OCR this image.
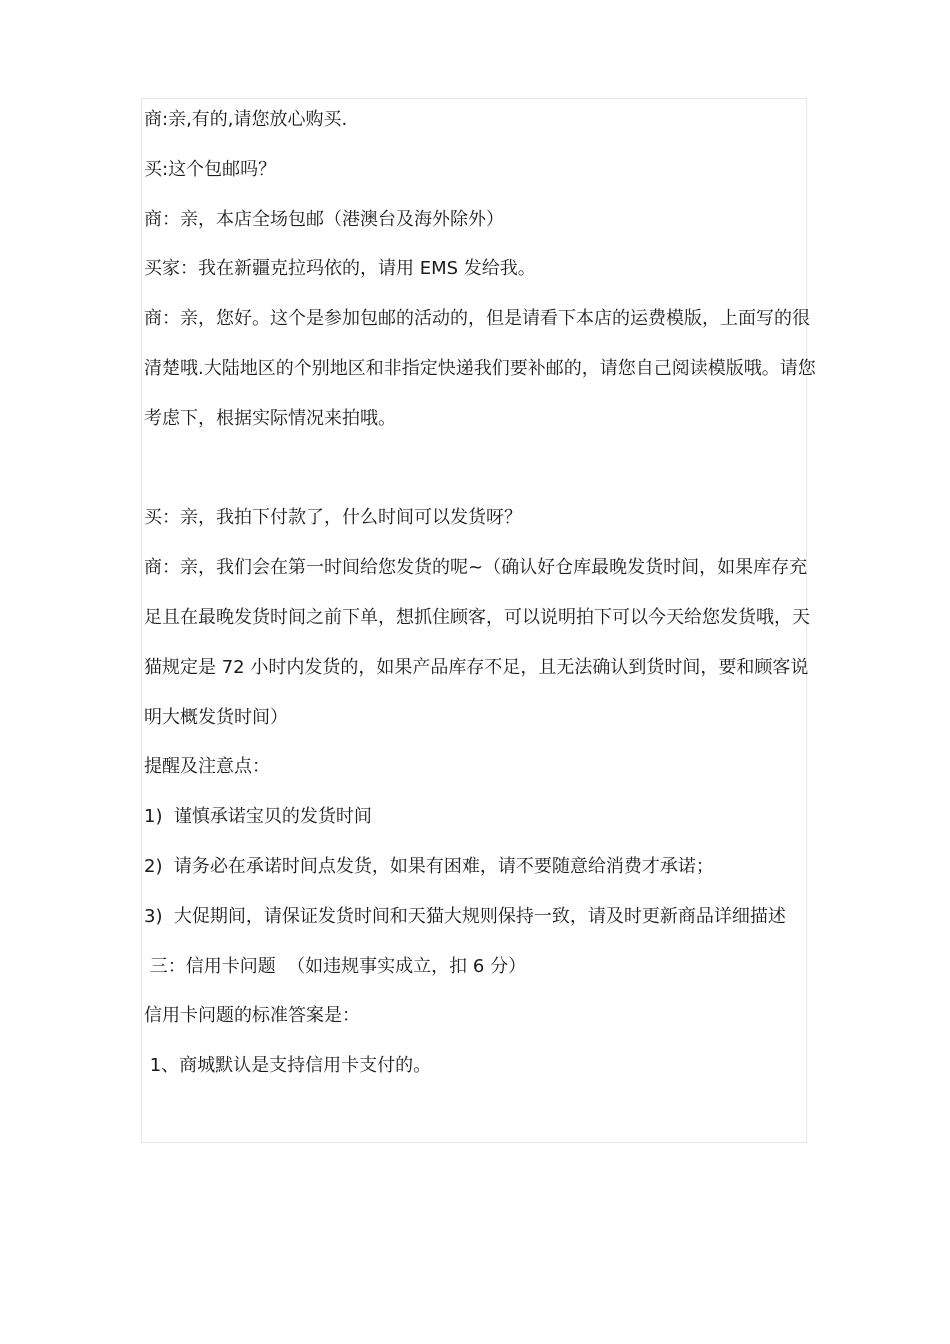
商:亲,有的,请您放心购买.

买:这个包邮吗？

商：亲，本店全场包邮（港澳台及海外除外）

买家：我在新疆克拉玛依的，请用 EMS 发给我。

商：亲，您好。这个是参加包邮的活动的，但是请看下本店的运费模版，上面写的很清楚哦.大陆地区的个别地区和非指定快递我们要补邮的，请您自己阅读模版哦。请您考虑下，根据实际情况来拍哦。

买：亲，我拍下付款了，什么时间可以发货呀？

商：亲，我们会在第一时间给您发货的呢~（确认好仓库最晚发货时间，如果库存充足且在最晚发货时间之前下单，想抓住顾客，可以说明拍下可以今天给您发货哦，天猫规定是 72 小时内发货的，如果产品库存不足，且无法确认到货时间，要和顾客说明大概发货时间）

提醒及注意点：

1)  谨慎承诺宝贝的发货时间

2)  请务必在承诺时间点发货，如果有困难，请不要随意给消费才承诺；

3)  大促期间，请保证发货时间和天猫大规则保持一致，请及时更新商品详细描述

三：信用卡问题  （如违规事实成立，扣 6 分）

信用卡问题的标准答案是：

1、商城默认是支持信用卡支付的。
